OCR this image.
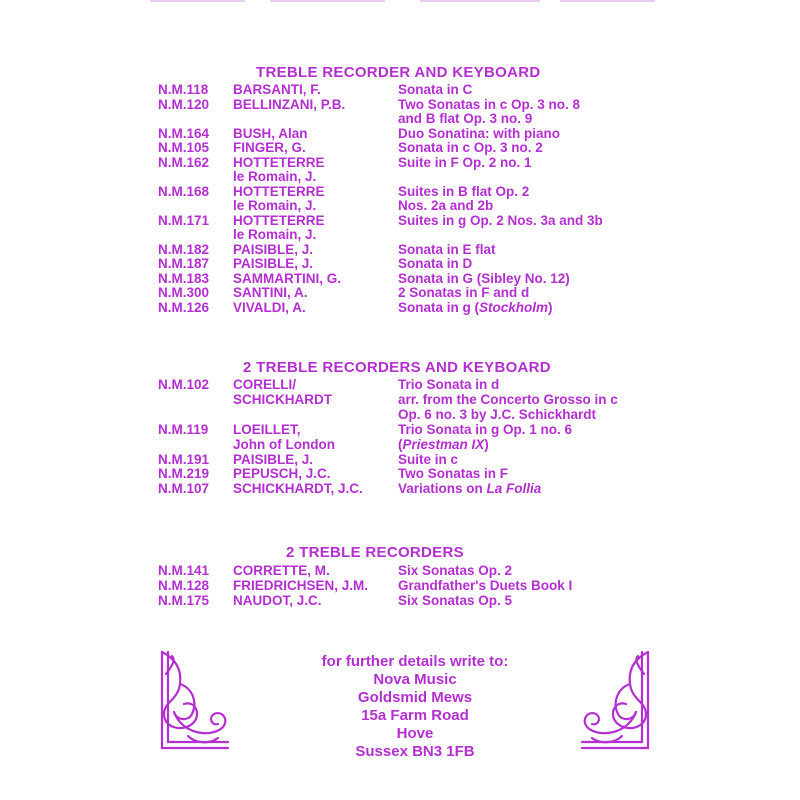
TREBLE RECORDER AND KEYBOARD
N.M.118 BARSANTI, F.	Sonata in C
N.M.120 BELLINZANI, P.B.	Two Sonatas in c Op. 3 no. 8
and B flat Op. 3 no. 9
N.M.164 BUSH, Alan	Duo Sonatina: with piano
N.M.105 FINGER, G.	Sonata in c Op. 3 no. 2
N.M.162 HOTTETERRE	Suite in F Op. 2 no. 1
le Romain, J.
N.M.168 HOTTETERRE	Suites in B flat Op. 2
le Romain, J.	Nos. 2a and 2b
N.M.171 HOTTETERRE	Suites in g Op. 2 Nos. 3a and 3b
le Romain, J.
N.M.182 PAISIBLE, J.	Sonata in E flat
N.M.187 PAISIBLE, J.	Sonata in D
N.M.183 SAMMARTINI, G.	Sonata in G (Sibley No. 12)
N.M.300 SANTINI, A.	2 Sonatas in F and d
N.M.126 VIVALDI, A.	Sonata in g (Stockholm)
2 TREBLE RECORDERS AND KEYBOARD
N.M.102 CORELLI/	Trio Sonata in d
SCHICKHARDT	arr. from the Concerto Grosso in c
Op. 6 no. 3 by J.C. Schickhardt
N.M.119 LOEILLET,	Trio Sonata in g Op. 1 no. 6
John of London	(Priestman IX)
N.M.191 PAISIBLE, J.	Suite in c
N.M.219 PEPUSCH, J.C.	Two Sonatas in F
N.M.107 SCHICKHARDT, J.C.	Variations on La Follia
2 TREBLE RECORDERS
N.M.141 CORRETTE, M.	Six Sonatas Op. 2
N.M.128 FRIEDRICHSEN, J.M. Grandfather's Duets Book I
N.M.175 NAUDOT, J.C.	Six Sonatas Op. 5
for further details write to:
Nova Music
Goldsmid Mews
15a Farm Road
Hove
Sussex BN3 1FB
